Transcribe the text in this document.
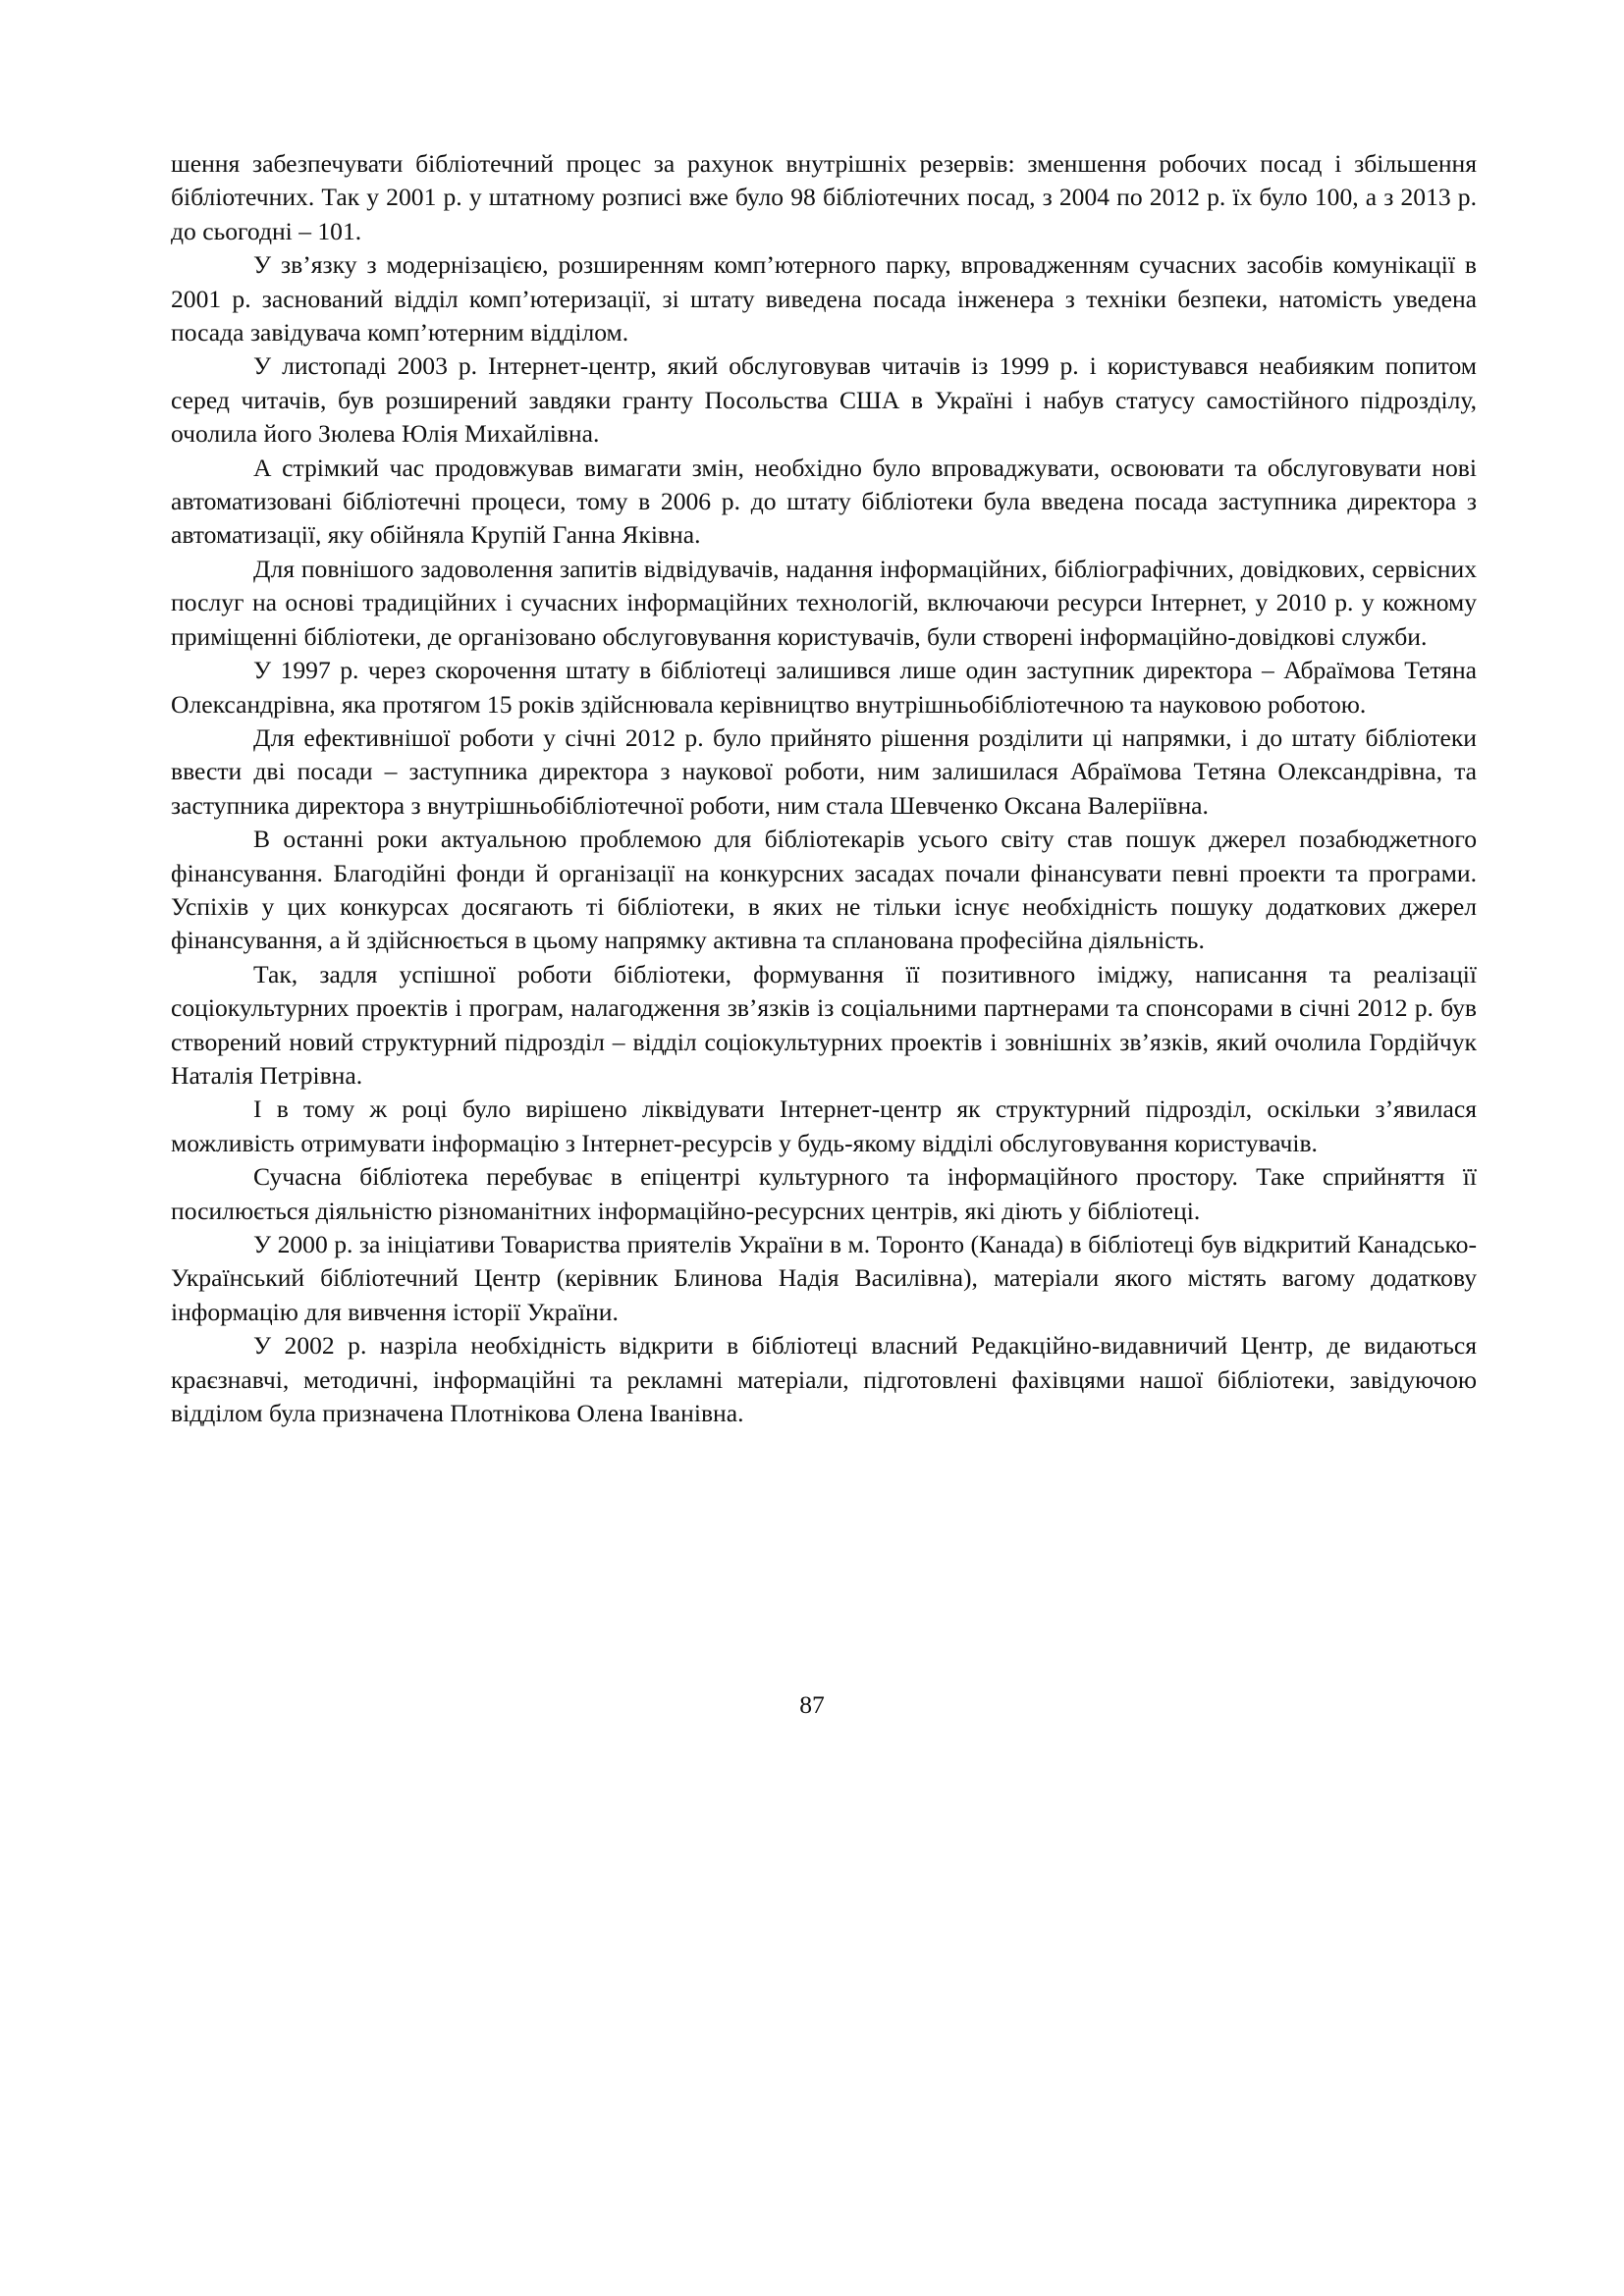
шення забезпечувати бібліотечний процес за рахунок внутрішніх резервів: зменшення робочих посад і збільшення бібліотечних. Так у 2001 р. у штатному розписі вже було 98 бібліотечних посад, з 2004 по 2012 р. їх було 100, а з 2013 р. до сьогодні – 101.

У зв’язку з модернізацією, розширенням комп’ютерного парку, впровадженням сучасних засобів комунікації в 2001 р. заснований відділ комп’ютеризації, зі штату виведена посада інженера з техніки безпеки, натомість уведена посада завідувача комп’ютерним відділом.

У листопаді 2003 р. Інтернет-центр, який обслуговував читачів із 1999 р. і користувався неабияким попитом серед читачів, був розширений завдяки гранту Посольства США в Україні і набув статусу самостійного підрозділу, очолила його Зюлева Юлія Михайлівна.

А стрімкий час продовжував вимагати змін, необхідно було впроваджувати, освоювати та обслуговувати нові автоматизовані бібліотечні процеси, тому в 2006 р. до штату бібліотеки була введена посада заступника директора з автоматизації, яку обійняла Крупій Ганна Яківна.

Для повнішого задоволення запитів відвідувачів, надання інформаційних, бібліографічних, довідкових, сервісних послуг на основі традиційних і сучасних інформаційних технологій, включаючи ресурси Інтернет, у 2010 р. у кожному приміщенні бібліотеки, де організовано обслуговування користувачів, були створені інформаційно-довідкові служби.

У 1997 р. через скорочення штату в бібліотеці залишився лише один заступник директора – Абраїмова Тетяна Олександрівна, яка протягом 15 років здійснювала керівництво внутрішньобібліотечною та науковою роботою.

Для ефективнішої роботи у січні 2012 р. було прийнято рішення розділити ці напрямки, і до штату бібліотеки ввести дві посади – заступника директора з наукової роботи, ним залишилася Абраїмова Тетяна Олександрівна, та заступника директора з внутрішньобібліотечної роботи, ним стала Шевченко Оксана Валеріївна.

В останні роки актуальною проблемою для бібліотекарів усього світу став пошук джерел позабюджетного фінансування. Благодійні фонди й організації на конкурсних засадах почали фінансувати певні проекти та програми. Успіхів у цих конкурсах досягають ті бібліотеки, в яких не тільки існує необхідність пошуку додаткових джерел фінансування, а й здійснюється в цьому напрямку активна та спланована професійна діяльність.

Так, задля успішної роботи бібліотеки, формування її позитивного іміджу, написання та реалізації соціокультурних проектів і програм, налагодження зв’язків із соціальними партнерами та спонсорами в січні 2012 р. був створений новий структурний підрозділ – відділ соціокультурних проектів і зовнішніх зв’язків, який очолила Гордійчук Наталія Петрівна.

І в тому ж році було вирішено ліквідувати Інтернет-центр як структурний підрозділ, оскільки з’явилася можливість отримувати інформацію з Інтернет-ресурсів у будь-якому відділі обслуговування користувачів.

Сучасна бібліотека перебуває в епіцентрі культурного та інформаційного простору. Таке сприйняття її посилюється діяльністю різноманітних інформаційно-ресурсних центрів, які діють у бібліотеці.

У 2000 р. за ініціативи Товариства приятелів України в м. Торонто (Канада) в бібліотеці був відкритий Канадсько-Український бібліотечний Центр (керівник Блинова Надія Василівна), матеріали якого містять вагому додаткову інформацію для вивчення історії України.

У 2002 р. назріла необхідність відкрити в бібліотеці власний Редакційно-видавничий Центр, де видаються краєзнавчі, методичні, інформаційні та рекламні матеріали, підготовлені фахівцями нашої бібліотеки, завідуючою відділом була призначена Плотнікова Олена Іванівна.

87
